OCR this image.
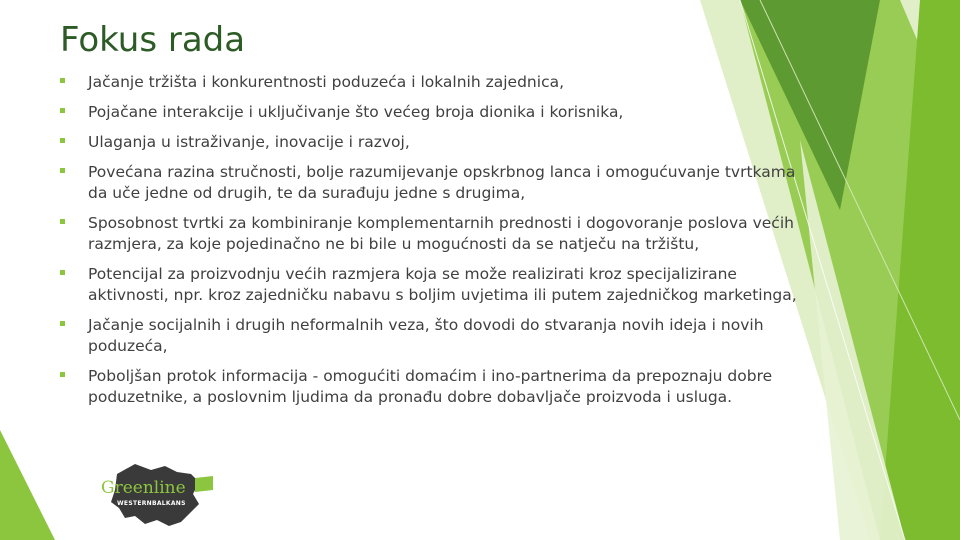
Fokus rada
Jačanje tržišta i konkurentnosti poduzeća i lokalnih zajednica,
Pojačane interakcije i uključivanje što većeg broja dionika i korisnika,
Ulaganja u istraživanje, inovacije i razvoj,
Povećana razina stručnosti, bolje razumijevanje opskrbnog lanca i omogućuvanje tvrtkama da uče jedne od drugih, te da surađuju jedne s drugima,
Sposobnost tvrtki za kombiniranje komplementarnih prednosti i dogovoranje poslova većih razmjera, za koje pojedinačno ne bi bile u mogućnosti da se natječu na tržištu,
Potencijal za proizvodnju većih razmjera koja se može realizirati kroz specijalizirane aktivnosti, npr. kroz zajedničku nabavu s boljim uvjetima ili putem zajedničkog marketinga,
Jačanje socijalnih i drugih neformalnih veza, što dovodi do stvaranja novih ideja i novih poduzeća,
Poboljšan protok informacija - omogućiti domaćim i ino-partnerima da prepoznaju dobre poduzetnike, a poslovnim ljudima da pronađu dobre dobavljače proizvoda i usluga.
Greenline
WESTERNBALKANS
